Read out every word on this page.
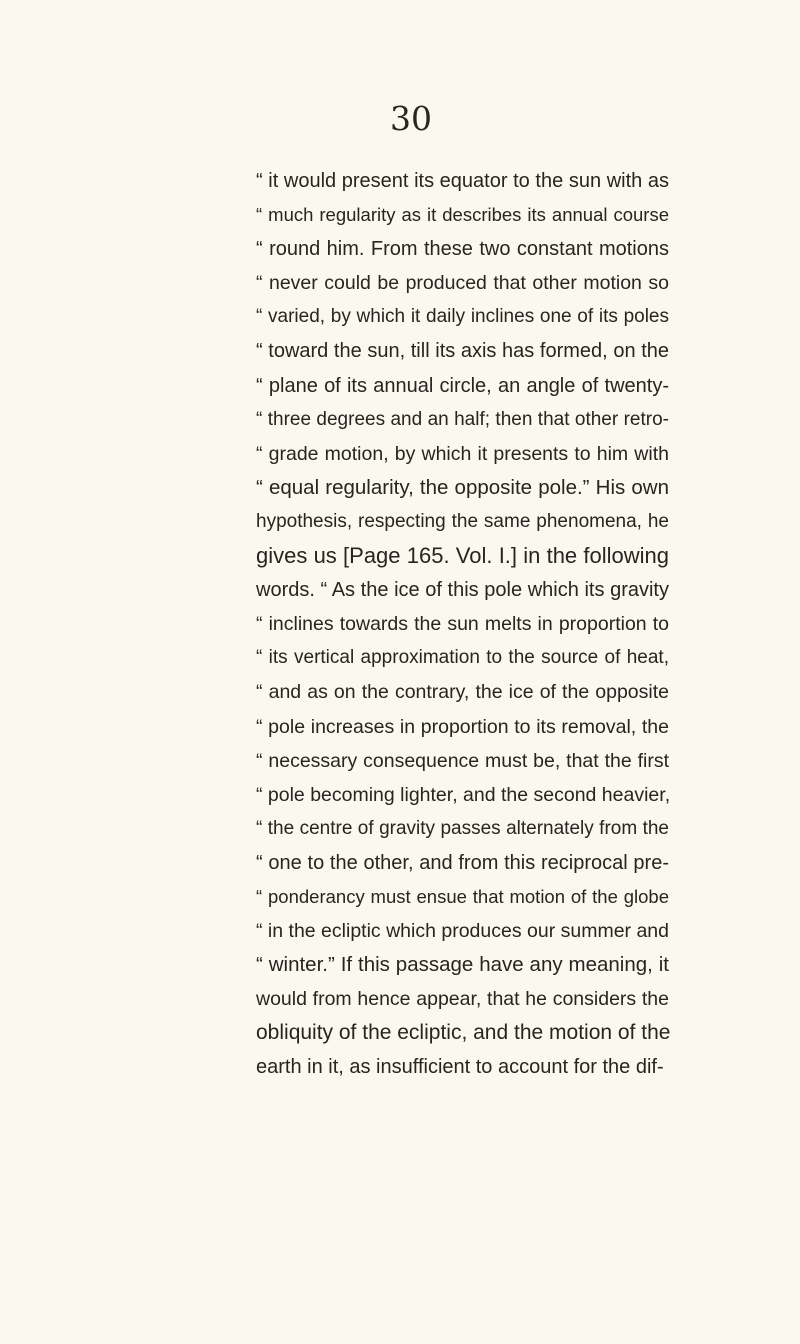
30
“ it would present its equator to the sun with as
“ much regularity as it describes its annual course
“ round him. From these two constant motions
“ never could be produced that other motion so
“ varied, by which it daily inclines one of its poles
“ toward the sun, till its axis has formed, on the
“ plane of its annual circle, an angle of twenty-
“ three degrees and an half; then that other retro-
“ grade motion, by which it presents to him with
“ equal regularity, the opposite pole.” His own
hypothesis, respecting the same phenomena, he
gives us [Page 165. Vol. I.] in the following
words. “ As the ice of this pole which its gravity
“ inclines towards the sun melts in proportion to
“ its vertical approximation to the source of heat,
“ and as on the contrary, the ice of the opposite
“ pole increases in proportion to its removal, the
“ necessary consequence must be, that the first
“ pole becoming lighter, and the second heavier,
“ the centre of gravity passes alternately from the
“ one to the other, and from this reciprocal pre-
“ ponderancy must ensue that motion of the globe
“ in the ecliptic which produces our summer and
“ winter.” If this passage have any meaning, it
would from hence appear, that he considers the
obliquity of the ecliptic, and the motion of the
earth in it, as insufficient to account for the dif-
